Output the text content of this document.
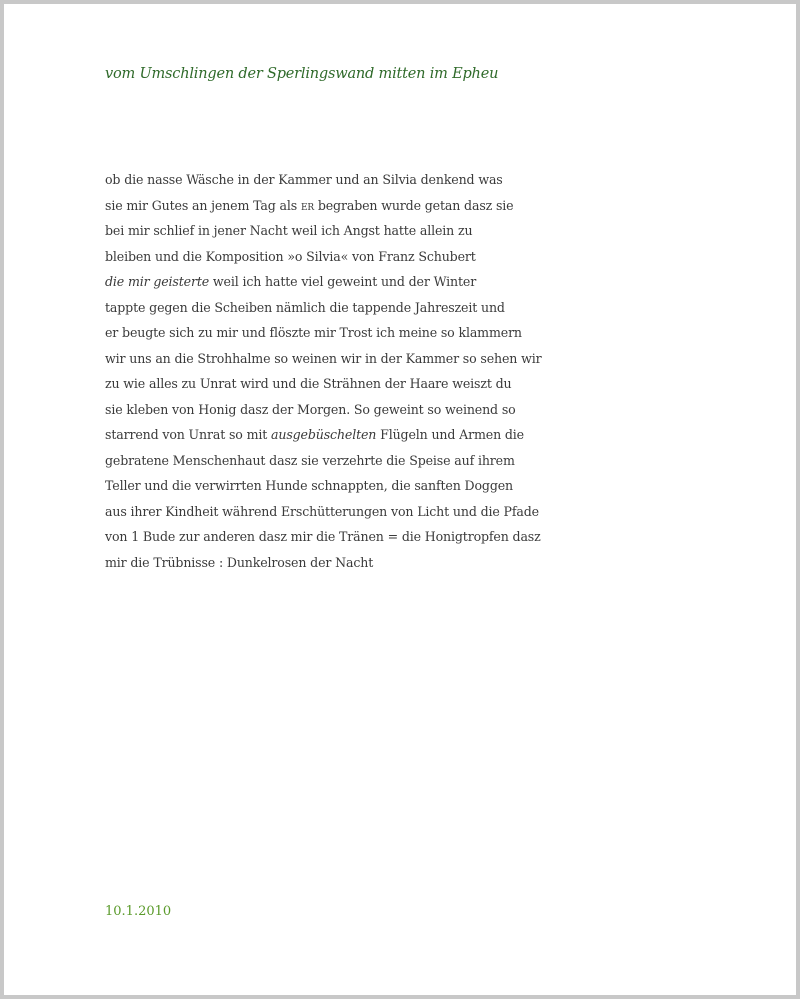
vom Umschlingen der Sperlingswand mitten im Epheu
ob die nasse Wäsche in der Kammer und an Silvia denkend was
sie mir Gutes an jenem Tag als er begraben wurde getan dasz sie
bei mir schlief in jener Nacht weil ich Angst hatte allein zu
bleiben und die Komposition »o Silvia« von Franz Schubert
die mir geisterte weil ich hatte viel geweint und der Winter
tappte gegen die Scheiben nämlich die tappende Jahreszeit und
er beugte sich zu mir und flöszte mir Trost ich meine so klammern
wir uns an die Strohhalme so weinen wir in der Kammer so sehen wir
zu wie alles zu Unrat wird und die Strähnen der Haare weiszt du
sie kleben von Honig dasz der Morgen. So geweint so weinend so
starrend von Unrat so mit ausgebüschelten Flügeln und Armen die
gebratene Menschenhaut dasz sie verzehrte die Speise auf ihrem
Teller und die verwirrten Hunde schnappten, die sanften Doggen
aus ihrer Kindheit während Erschütterungen von Licht und die Pfade
von 1 Bude zur anderen dasz mir die Tränen = die Honigtropfen dasz
mir die Trübnisse : Dunkelrosen der Nacht
10.1.2010
